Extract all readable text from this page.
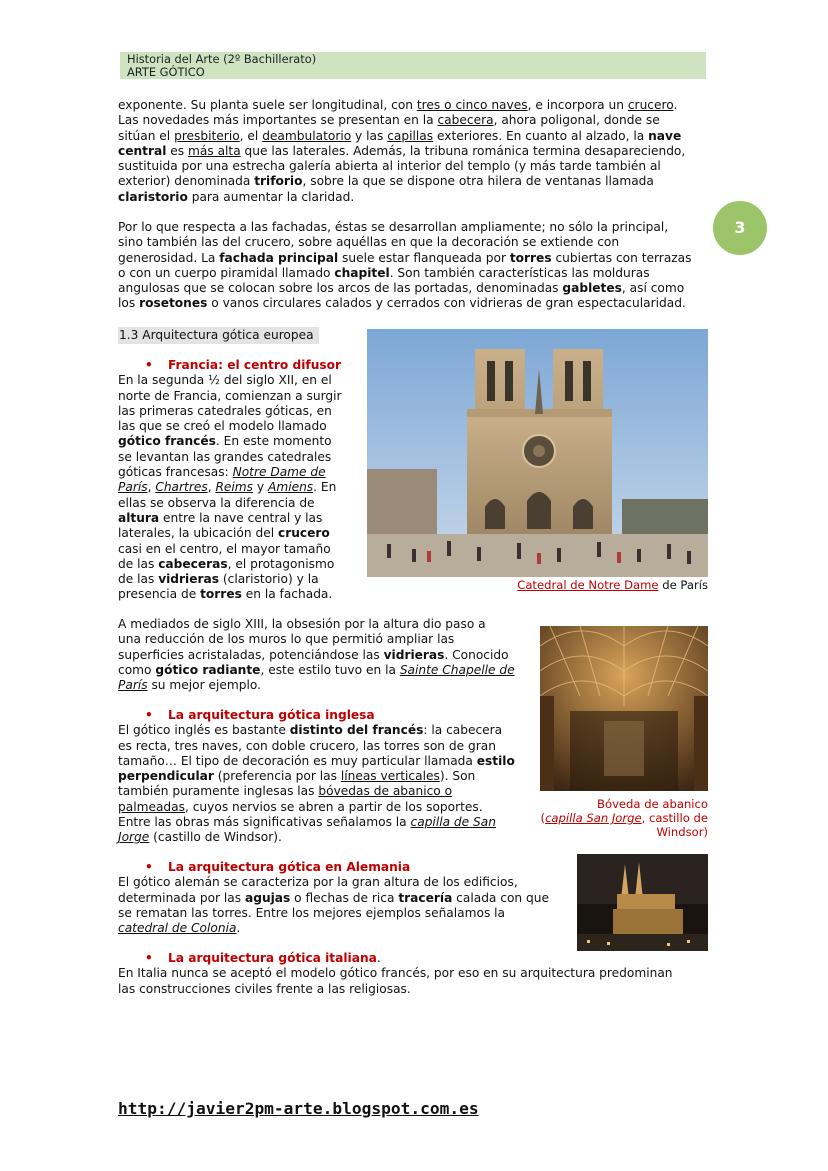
Historia del Arte (2º Bachillerato)
ARTE GÓTICO
3

exponente. Su planta suele ser longitudinal, con tres o cinco naves, e incorpora un crucero.

Las novedades más importantes se presentan en la cabecera, ahora poligonal, donde se

sitúan el presbiterio, el deambulatorio y las capillas exteriores. En cuanto al alzado, la nave

central es más alta que las laterales. Además, la tribuna románica termina desapareciendo,

sustituida por una estrecha galería abierta al interior del templo (y más tarde también al

exterior) denominada triforio, sobre la que se dispone otra hilera de ventanas llamada

claristorio para aumentar la claridad.

Por lo que respecta a las fachadas, éstas se desarrollan ampliamente; no sólo la principal,

sino también las del crucero, sobre aquéllas en que la decoración se extiende con

generosidad. La fachada principal suele estar flanqueada por torres cubiertas con terrazas

o con un cuerpo piramidal llamado chapitel. Son también características las molduras

angulosas que se colocan sobre los arcos de las portadas, denominadas gabletes, así como

los rosetones o vanos circulares calados y cerrados con vidrieras de gran espectacularidad.

1.3 Arquitectura gótica europea
Catedral de Notre Dame de París

• Francia: el centro difusor

En la segunda ½ del siglo XII, en el

norte de Francia, comienzan a surgir

las primeras catedrales góticas, en

las que se creó el modelo llamado

gótico francés. En este momento

se levantan las grandes catedrales

góticas francesas: Notre Dame de

París, Chartres, Reims y Amiens. En

ellas se observa la diferencia de

altura entre la nave central y las

laterales, la ubicación del crucero

casi en el centro, el mayor tamaño

de las cabeceras, el protagonismo

de las vidrieras (claristorio) y la

presencia de torres en la fachada.

A mediados de siglo XIII, la obsesión por la altura dio paso a

una reducción de los muros lo que permitió ampliar las

superficies acristaladas, potenciándose las vidrieras. Conocido

como gótico radiante, este estilo tuvo en la Sainte Chapelle de

París su mejor ejemplo.

Bóveda de abanico
(capilla San Jorge, castillo de
Windsor)

• La arquitectura gótica inglesa

El gótico inglés es bastante distinto del francés: la cabecera

es recta, tres naves, con doble crucero, las torres son de gran

tamaño… El tipo de decoración es muy particular llamada estilo

perpendicular (preferencia por las líneas verticales). Son

también puramente inglesas las bóvedas de abanico o

palmeadas, cuyos nervios se abren a partir de los soportes.

Entre las obras más significativas señalamos la capilla de San

Jorge (castillo de Windsor).

• La arquitectura gótica en Alemania

El gótico alemán se caracteriza por la gran altura de los edificios,

determinada por las agujas o flechas de rica tracería calada con que

se rematan las torres. Entre los mejores ejemplos señalamos la

catedral de Colonia.

• La arquitectura gótica italiana.

En Italia nunca se aceptó el modelo gótico francés, por eso en su arquitectura predominan

las construcciones civiles frente a las religiosas.

http://javier2pm-arte.blogspot.com.es
